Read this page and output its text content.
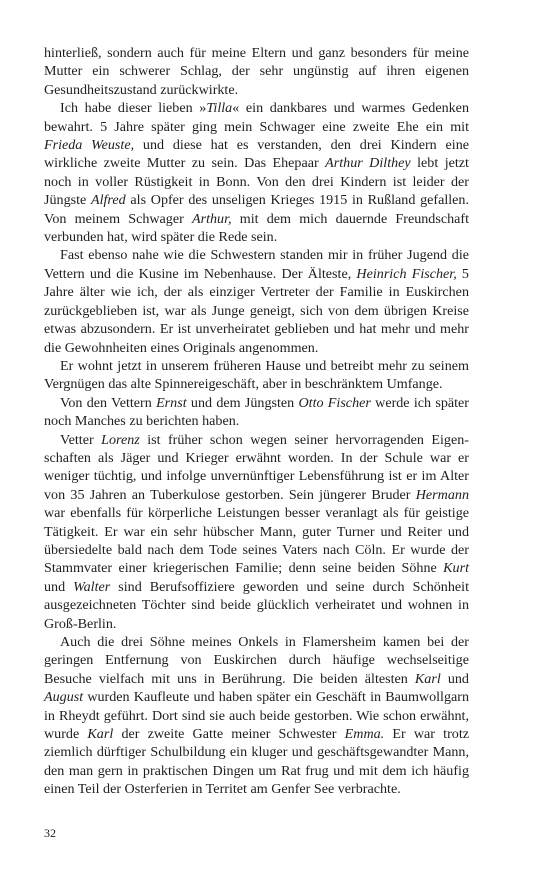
hinterließ, sondern auch für meine Eltern und ganz besonders für meine Mutter ein schwerer Schlag, der sehr ungünstig auf ihren eigenen Gesundheitszustand zurückwirkte.

Ich habe dieser lieben »Tilla« ein dankbares und warmes Gedenken bewahrt. 5 Jahre später ging mein Schwager eine zweite Ehe ein mit Frieda Weuste, und diese hat es verstanden, den drei Kindern eine wirkliche zweite Mutter zu sein. Das Ehepaar Arthur Dilthey lebt jetzt noch in voller Rüstigkeit in Bonn. Von den drei Kindern ist leider der Jüngste Alfred als Opfer des unseligen Krieges 1915 in Rußland gefallen. Von meinem Schwager Arthur, mit dem mich dauernde Freundschaft verbunden hat, wird später die Rede sein.

Fast ebenso nahe wie die Schwestern standen mir in früher Jugend die Vettern und die Kusine im Nebenhause. Der Älteste, Heinrich Fischer, 5 Jahre älter wie ich, der als einziger Vertreter der Familie in Euskirchen zurückgeblieben ist, war als Junge geneigt, sich von dem übrigen Kreise etwas abzusondern. Er ist unverheiratet geblieben und hat mehr und mehr die Gewohnheiten eines Originals angenommen.

Er wohnt jetzt in unserem früheren Hause und betreibt mehr zu seinem Vergnügen das alte Spinnereigeschäft, aber in beschränktem Umfange.

Von den Vettern Ernst und dem Jüngsten Otto Fischer werde ich später noch Manches zu berichten haben.

Vetter Lorenz ist früher schon wegen seiner hervorragenden Eigenschaften als Jäger und Krieger erwähnt worden. In der Schule war er weniger tüchtig, und infolge unvernünftiger Lebensführung ist er im Alter von 35 Jahren an Tuberkulose gestorben. Sein jüngerer Bruder Hermann war ebenfalls für körperliche Leistungen besser veranlagt als für geistige Tätigkeit. Er war ein sehr hübscher Mann, guter Turner und Reiter und übersiedelte bald nach dem Tode seines Vaters nach Cöln. Er wurde der Stammvater einer kriegerischen Familie; denn seine beiden Söhne Kurt und Walter sind Berufsoffiziere geworden und seine durch Schönheit ausgezeichneten Töchter sind beide glücklich verheiratet und wohnen in Groß-Berlin.

Auch die drei Söhne meines Onkels in Flamersheim kamen bei der geringen Entfernung von Euskirchen durch häufige wechselseitige Besuche vielfach mit uns in Berührung. Die beiden ältesten Karl und August wurden Kaufleute und haben später ein Geschäft in Baumwollgarn in Rheydt geführt. Dort sind sie auch beide gestorben. Wie schon erwähnt, wurde Karl der zweite Gatte meiner Schwester Emma. Er war trotz ziemlich dürftiger Schulbildung ein kluger und geschäftsgewandter Mann, den man gern in praktischen Dingen um Rat frug und mit dem ich häufig einen Teil der Osterferien in Territet am Genfer See verbrachte.

32
